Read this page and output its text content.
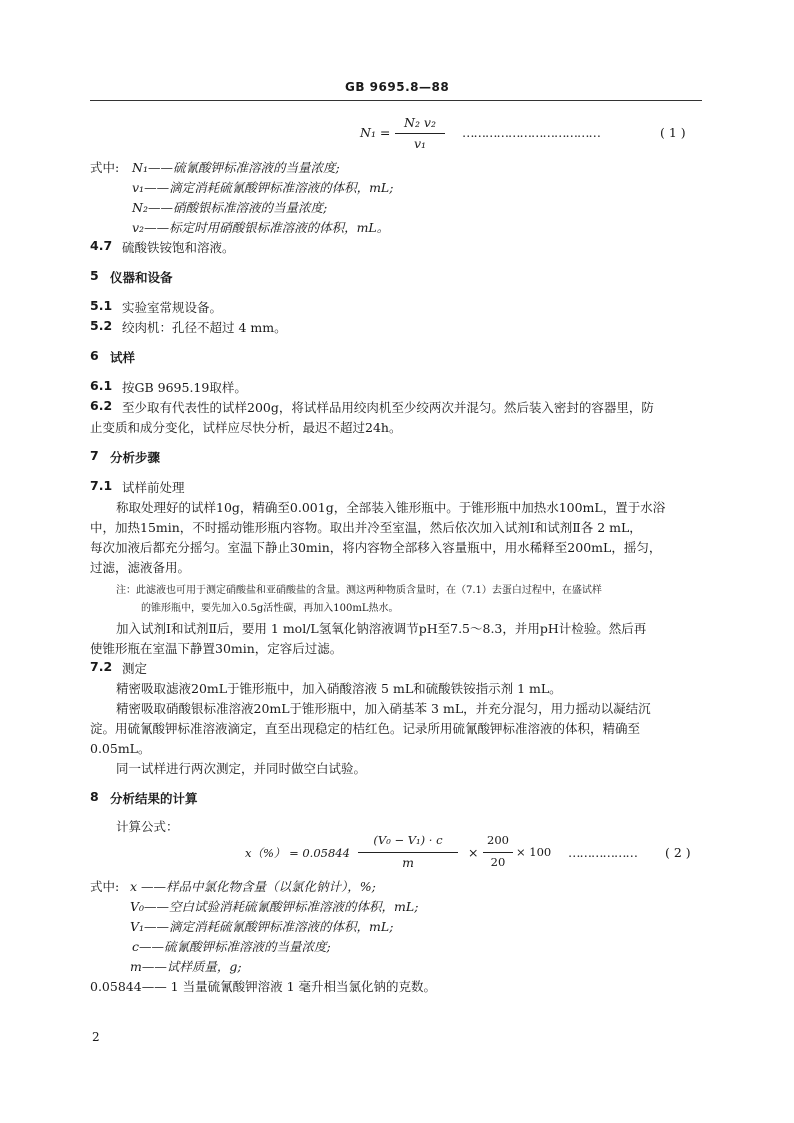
GB 9695.8—88
N₁ =
N₂ v₂
v₁
………………………………	( 1 )
式中: N₁——硫氰酸钾标准溶液的当量浓度;
v₁——滴定消耗硫氰酸钾标准溶液的体积，mL;
N₂——硝酸银标准溶液的当量浓度;
v₂——标定时用硝酸银标准溶液的体积，mL。
4.7 硫酸铁铵饱和溶液。
5 仪器和设备
5.1 实验室常规设备。
5.2 绞肉机：孔径不超过 4 mm。
6 试样
6.1 按GB 9695.19取样。
6.2 至少取有代表性的试样200g，将试样品用绞肉机至少绞两次并混匀。然后装入密封的容器里，防
止变质和成分变化，试样应尽快分析，最迟不超过24h。
7 分析步骤
7.1 试样前处理
称取处理好的试样10g，精确至0.001g，全部装入锥形瓶中。于锥形瓶中加热水100mL，置于水浴
中，加热15min，不时摇动锥形瓶内容物。取出并冷至室温，然后依次加入试剂Ⅰ和试剂Ⅱ各 2 mL，
每次加液后都充分摇匀。室温下静止30min，将内容物全部移入容量瓶中，用水稀释至200mL，摇匀，
过滤，滤液备用。
注：此滤液也可用于测定硝酸盐和亚硝酸盐的含量。测这两种物质含量时，在（7.1）去蛋白过程中，在盛试样
的锥形瓶中，要先加入0.5g活性碳，再加入100mL热水。
加入试剂Ⅰ和试剂Ⅱ后，要用 1 mol/L氢氧化钠溶液调节pH至7.5～8.3，并用pH计检验。然后再
使锥形瓶在室温下静置30min，定容后过滤。
7.2 测定
精密吸取滤液20mL于锥形瓶中，加入硝酸溶液 5 mL和硫酸铁铵指示剂 1 mL。
精密吸取硝酸银标准溶液20mL于锥形瓶中，加入硝基苯 3 mL，并充分混匀，用力摇动以凝结沉
淀。用硫氰酸钾标准溶液滴定，直至出现稳定的桔红色。记录所用硫氰酸钾标准溶液的体积，精确至
0.05mL。
同一试样进行两次测定，并同时做空白试验。
8 分析结果的计算
计算公式：
x（%） = 0.05844
(V₀ − V₁) · c
m
×
200
20
× 100 ……………… ( 2 )
式中: x ——样品中氯化物含量（以氯化钠计），%;
V₀——空白试验消耗硫氰酸钾标准溶液的体积，mL;
V₁——滴定消耗硫氰酸钾标准溶液的体积，mL;
c——硫氰酸钾标准溶液的当量浓度;
m——试样质量，g;
0.05844—— 1 当量硫氰酸钾溶液 1 毫升相当氯化钠的克数。
2
